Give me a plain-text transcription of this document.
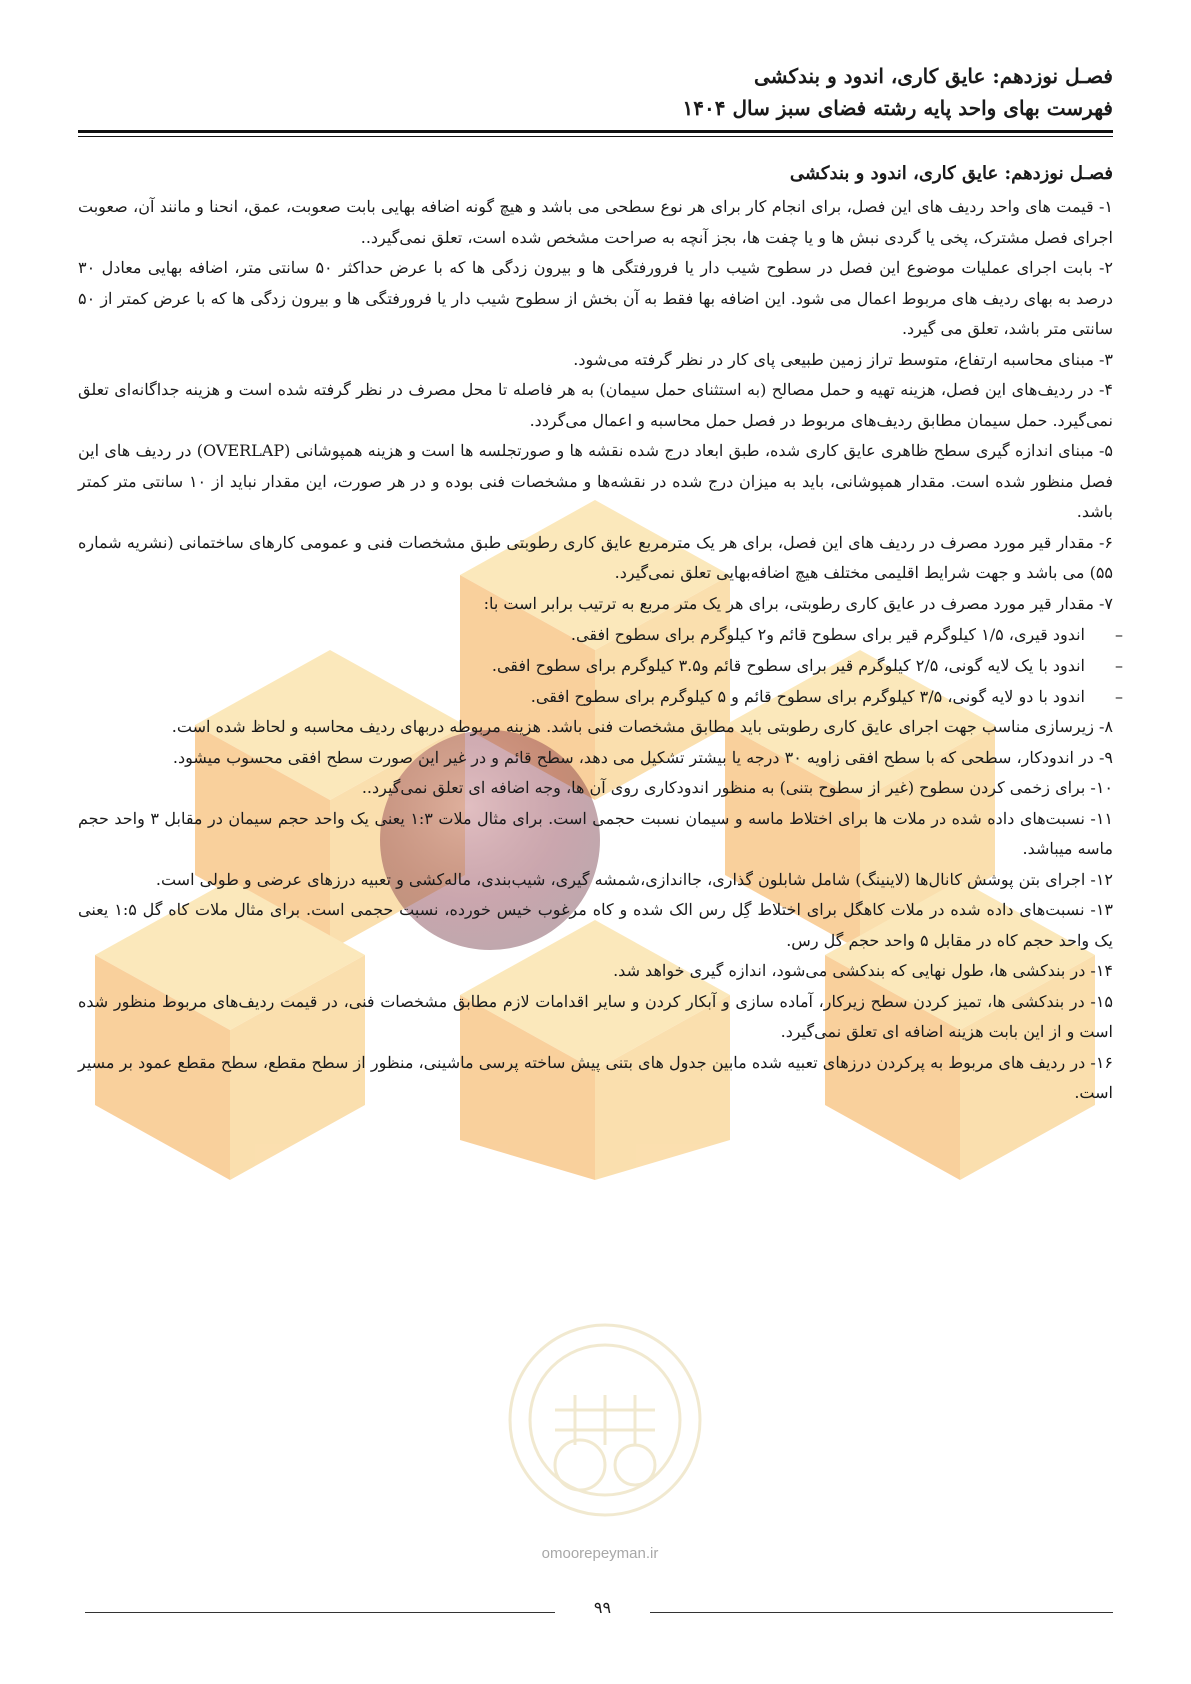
omoorepeyman.ir
فصـل نوزدهم: عایق کاری، اندود و بندکشی
فهرست بهای واحد پایه رشته فضای سبز سال ۱۴۰۴
فصـل نوزدهم: عایق کاری، اندود و بندکشی

۱- قیمت های واحد ردیف های این فصل، برای انجام کار برای هر نوع سطحی می باشد و هیچ گونه اضافه بهایی بابت صعوبت، عمق، انحنا و مانند آن، صعوبت اجرای فصل مشترک، پخی یا گردی نبش ها و یا چفت ها، بجز آنچه به صراحت مشخص شده است، تعلق نمی‌گیرد..

۲- بابت اجرای عملیات موضوع این فصل در سطوح شیب دار یا فرورفتگی ها و بیرون زدگی ها که با عرض حداکثر ۵۰ سانتی متر، اضافه بهایی معادل ۳۰ درصد به بهای ردیف های مربوط اعمال می شود. این اضافه بها فقط به آن بخش از سطوح شیب دار یا فرورفتگی ها و بیرون زدگی ها که با عرض کمتر از ۵۰ سانتی متر باشد، تعلق می گیرد.

۳- مبنای محاسبه ارتفاع، متوسط تراز زمین طبیعی پای کار در نظر گرفته می‌شود.

۴- در ردیف‌های این فصل، هزینه تهیه و حمل مصالح (به استثنای حمل سیمان) به هر فاصله تا محل مصرف در نظر گرفته شده است و هزینه جداگانه‌ای تعلق نمی‌گیرد. حمل سیمان مطابق ردیف‌های مربوط در فصل حمل محاسبه و اعمال می‌گردد.

۵- مبنای اندازه گیری سطح ظاهری عایق کاری شده، طبق ابعاد درج شده نقشه ها و صورتجلسه ها است و هزینه همپوشانی (OVERLAP) در ردیف های این فصل منظور شده است. مقدار همپوشانی، باید به میزان درج شده در نقشه‌ها و مشخصات فنی بوده و در هر صورت، این مقدار نباید از ۱۰ سانتی متر کمتر باشد.

۶- مقدار قیر مورد مصرف در ردیف های این فصل، برای هر یک مترمربع عایق کاری رطوبتی طبق مشخصات فنی و عمومی کارهای ساختمانی (نشریه شماره ۵۵) می باشد و جهت شرایط اقلیمی مختلف هیچ اضافه‌بهایی تعلق نمی‌گیرد.

۷- مقدار قیر مورد مصرف در عایق کاری رطوبتی، برای هر یک متر مربع به ترتیب برابر است با:

–
اندود قیری، ۱/۵ کیلوگرم قیر برای سطوح قائم و۲ کیلوگرم برای سطوح افقی.

–
اندود با یک لایه گونی، ۲/۵ کیلوگرم قیر برای سطوح قائم و۳.۵ کیلوگرم برای سطوح افقی.

–
اندود با دو لایه گونی، ۳/۵ کیلوگرم برای سطوح قائم و ۵ کیلوگرم برای سطوح افقی.

۸- زیرسازی مناسب جهت اجرای عایق کاری رطوبتی باید مطابق مشخصات فنی باشد. هزینه مربوطه دربهای ردیف محاسبه و لحاظ شده است.

۹- در اندودکار، سطحی که با سطح افقی زاویه ۳۰ درجه یا بیشتر تشکیل می دهد، سطح قائم و در غیر این صورت سطح افقی محسوب میشود.

۱۰- برای زخمی کردن سطوح (غیر از سطوح بتنی) به منظور اندودکاری روی آن ها، وجه اضافه ای تعلق نمی‌گیرد..

۱۱- نسبت‌های داده شده در ملات ها برای اختلاط ماسه و سیمان نسبت حجمی است. برای مثال ملات ۱:۳ یعنی یک واحد حجم سیمان در مقابل ۳ واحد حجم ماسه میباشد.

۱۲- اجرای بتن پوشش کانال‌ها (لاینینگ) شامل شابلون گذاری، جااندازی،شمشه گیری، شیب‌بندی، ماله‌کشی و تعبیه درزهای عرضی و طولی است.

۱۳- نسبت‌های داده شده در ملات کاهگل برای اختلاط گِل رس الک شده و کاه مرغوب خیس خورده، نسبت حجمی است. برای مثال ملات کاه گل ۱:۵ یعنی یک واحد حجم کاه در مقابل ۵ واحد حجم گل رس.

۱۴- در بندکشی ها، طول نهایی که بندکشی می‌شود، اندازه گیری خواهد شد.

۱۵- در بندکشی ها، تمیز کردن سطح زیرکار، آماده سازی و آبکار کردن و سایر اقدامات لازم مطابق مشخصات فنی، در قیمت ردیف‌های مربوط منظور شده است و از این بابت هزینه اضافه ای تعلق نمی‌گیرد.

۱۶- در ردیف های مربوط به پرکردن درزهای تعبیه شده مابین جدول های بتنی پیش ساخته پرسی ماشینی، منظور از سطح مقطع، سطح مقطع عمود بر مسیر است.

۹۹
